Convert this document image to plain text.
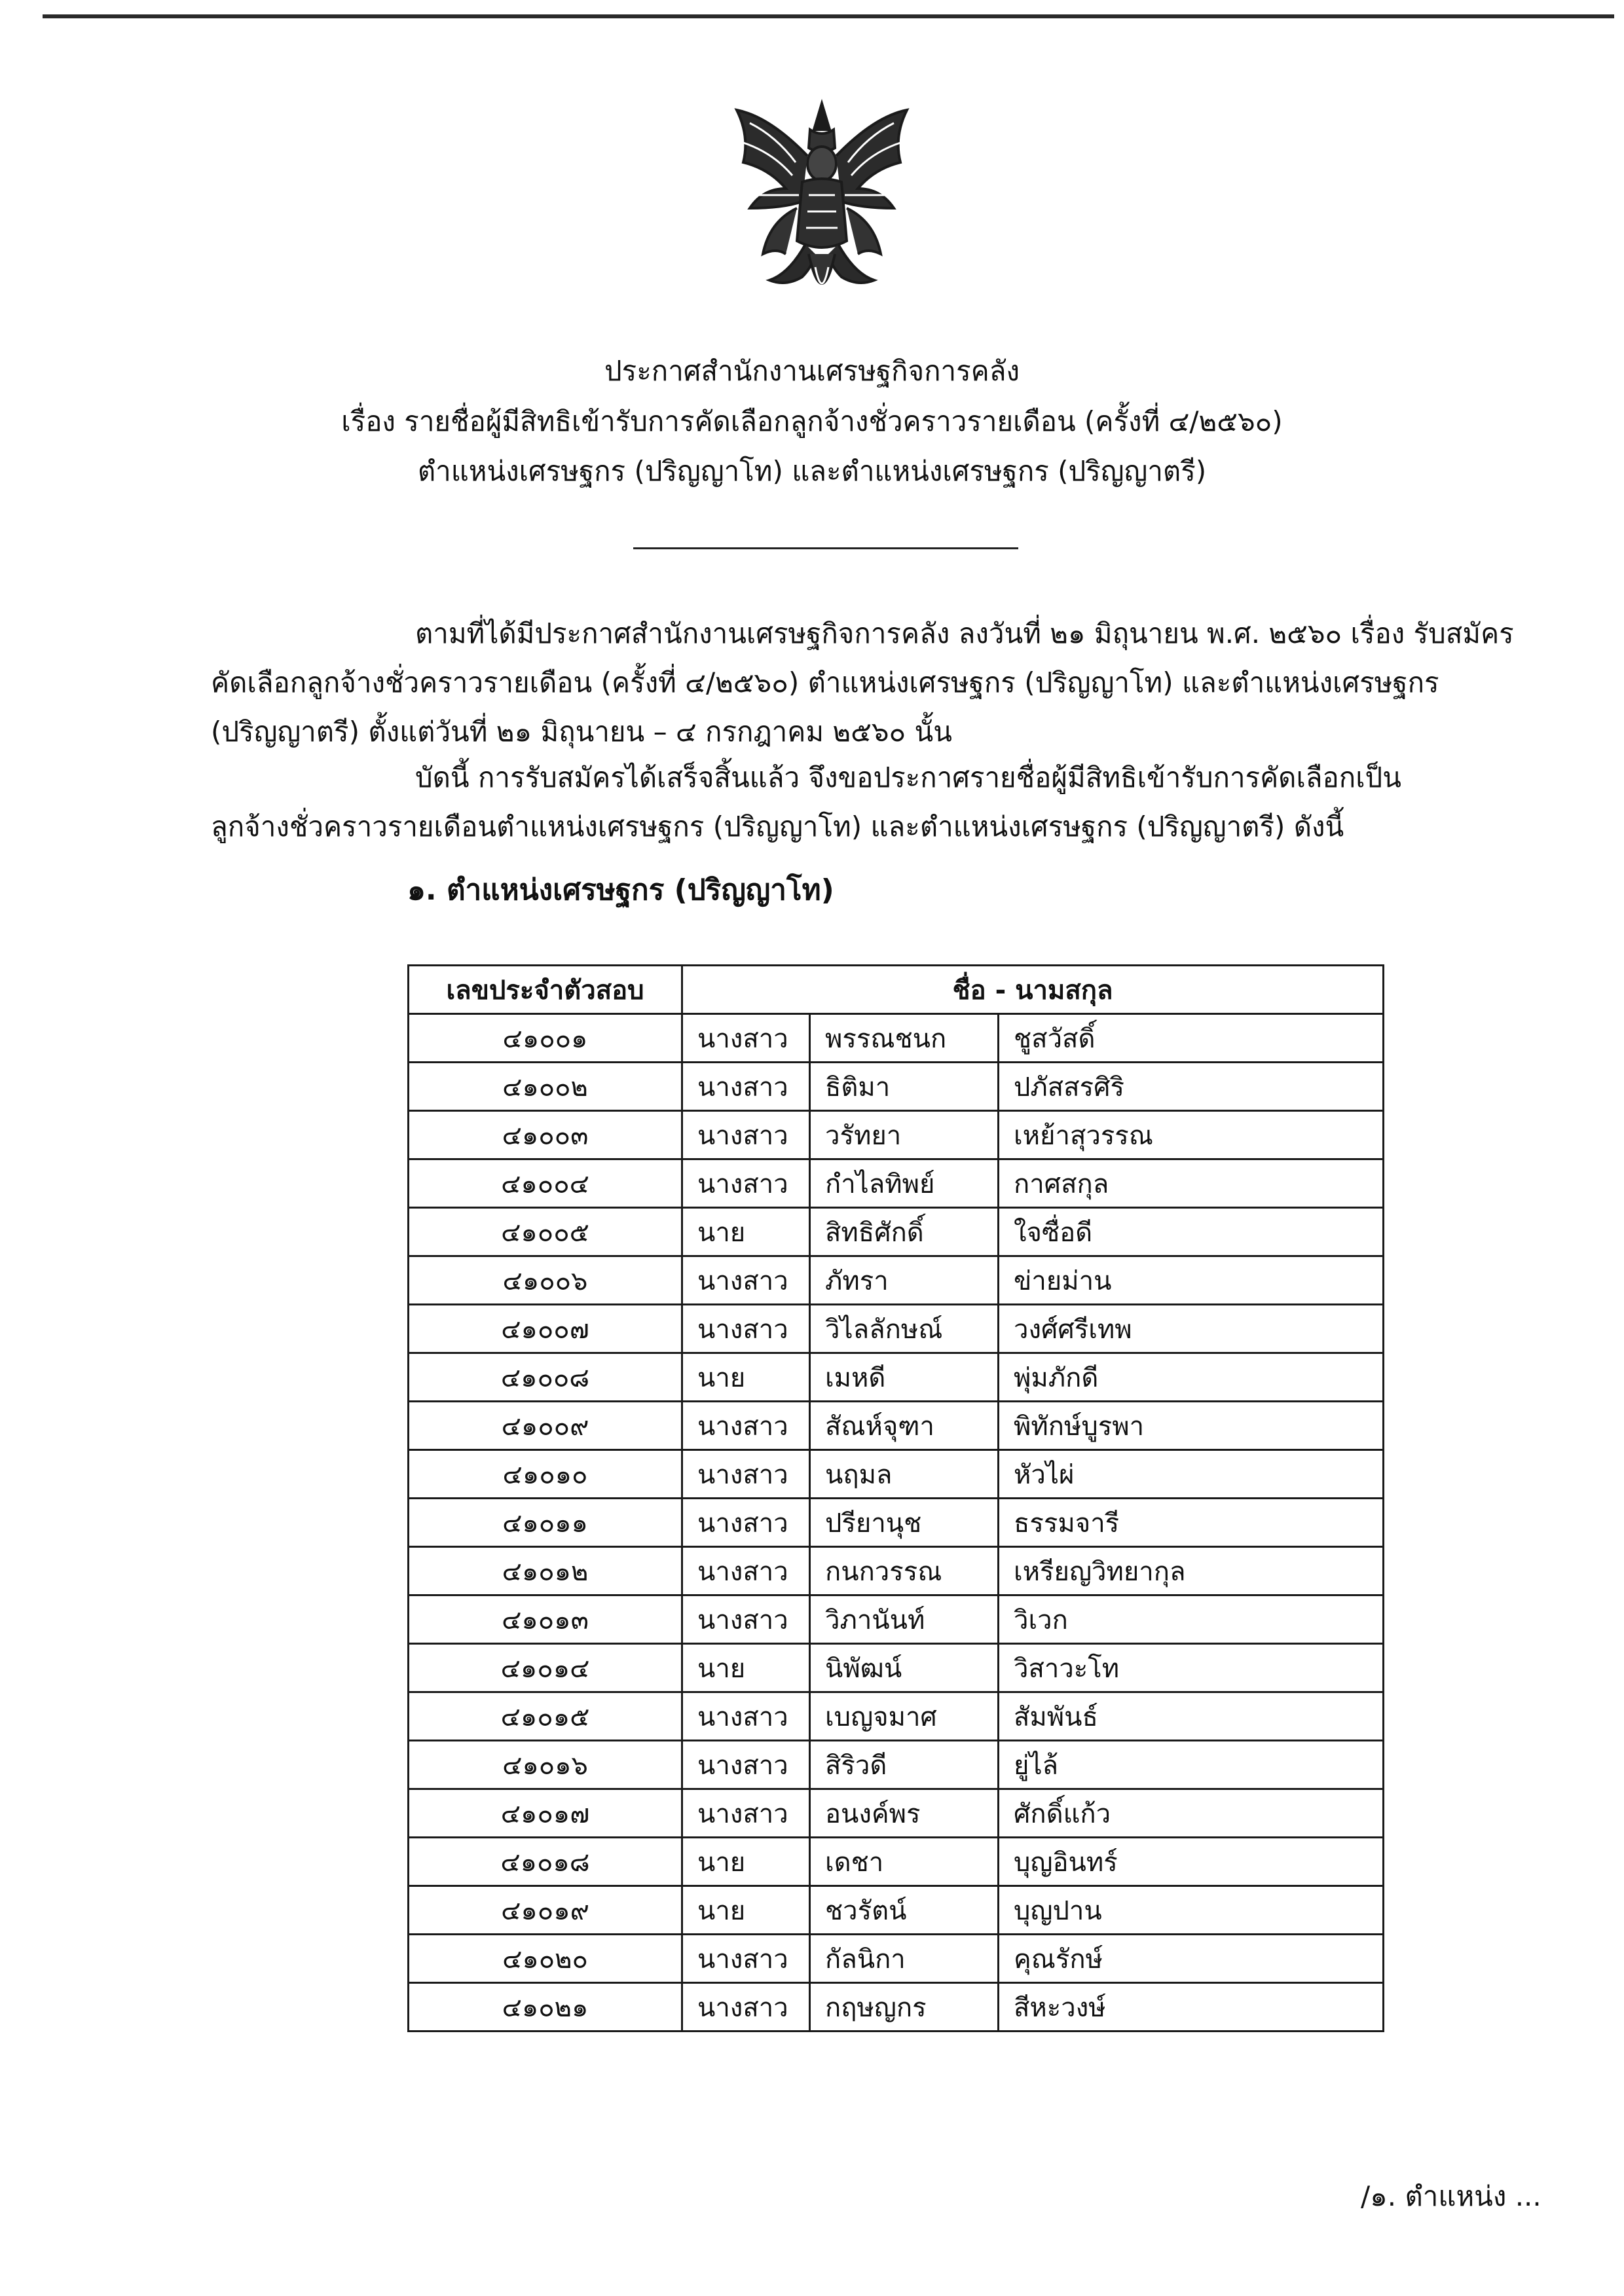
ประกาศสำนักงานเศรษฐกิจการคลัง
เรื่อง รายชื่อผู้มีสิทธิเข้ารับการคัดเลือกลูกจ้างชั่วคราวรายเดือน (ครั้งที่ ๔/๒๕๖๐)
ตำแหน่งเศรษฐกร (ปริญญาโท) และตำแหน่งเศรษฐกร (ปริญญาตรี)
ตามที่ได้มีประกาศสำนักงานเศรษฐกิจการคลัง ลงวันที่ ๒๑ มิถุนายน พ.ศ. ๒๕๖๐ เรื่อง รับสมัคร
คัดเลือกลูกจ้างชั่วคราวรายเดือน (ครั้งที่ ๔/๒๕๖๐) ตำแหน่งเศรษฐกร (ปริญญาโท) และตำแหน่งเศรษฐกร
(ปริญญาตรี) ตั้งแต่วันที่ ๒๑ มิถุนายน – ๔ กรกฎาคม ๒๕๖๐ นั้น
บัดนี้ การรับสมัครได้เสร็จสิ้นแล้ว จึงขอประกาศรายชื่อผู้มีสิทธิเข้ารับการคัดเลือกเป็น
ลูกจ้างชั่วคราวรายเดือนตำแหน่งเศรษฐกร (ปริญญาโท) และตำแหน่งเศรษฐกร (ปริญญาตรี) ดังนี้
๑. ตำแหน่งเศรษฐกร (ปริญญาโท)
เลขประจำตัวสอบ	ชื่อ - นามสกุล		
๔๑๐๐๑	นางสาว	พรรณชนก	ชูสวัสดิ์
๔๑๐๐๒	นางสาว	ธิติมา	ปภัสสรศิริ
๔๑๐๐๓	นางสาว	วรัทยา	เหย้าสุวรรณ
๔๑๐๐๔	นางสาว	กำไลทิพย์	กาศสกุล
๔๑๐๐๕	นาย	สิทธิศักดิ์	ใจซื่อดี
๔๑๐๐๖	นางสาว	ภัทรา	ข่ายม่าน
๔๑๐๐๗	นางสาว	วิไลลักษณ์	วงศ์ศรีเทพ
๔๑๐๐๘	นาย	เมหดี	พุ่มภักดี
๔๑๐๐๙	นางสาว	สัณห์จุฑา	พิทักษ์บูรพา
๔๑๐๑๐	นางสาว	นฤมล	หัวไผ่
๔๑๐๑๑	นางสาว	ปรียานุช	ธรรมจารี
๔๑๐๑๒	นางสาว	กนกวรรณ	เหรียญวิทยากุล
๔๑๐๑๓	นางสาว	วิภานันท์	วิเวก
๔๑๐๑๔	นาย	นิพัฒน์	วิสาวะโท
๔๑๐๑๕	นางสาว	เบญจมาศ	สัมพันธ์
๔๑๐๑๖	นางสาว	สิริวดี	ยู่ไล้
๔๑๐๑๗	นางสาว	อนงค์พร	ศักดิ์แก้ว
๔๑๐๑๘	นาย	เดชา	บุญอินทร์
๔๑๐๑๙	นาย	ชวรัตน์	บุญปาน
๔๑๐๒๐	นางสาว	กัลนิกา	คุณรักษ์
๔๑๐๒๑	นางสาว	กฤษญกร	สีหะวงษ์
/๑. ตำแหน่ง ...
